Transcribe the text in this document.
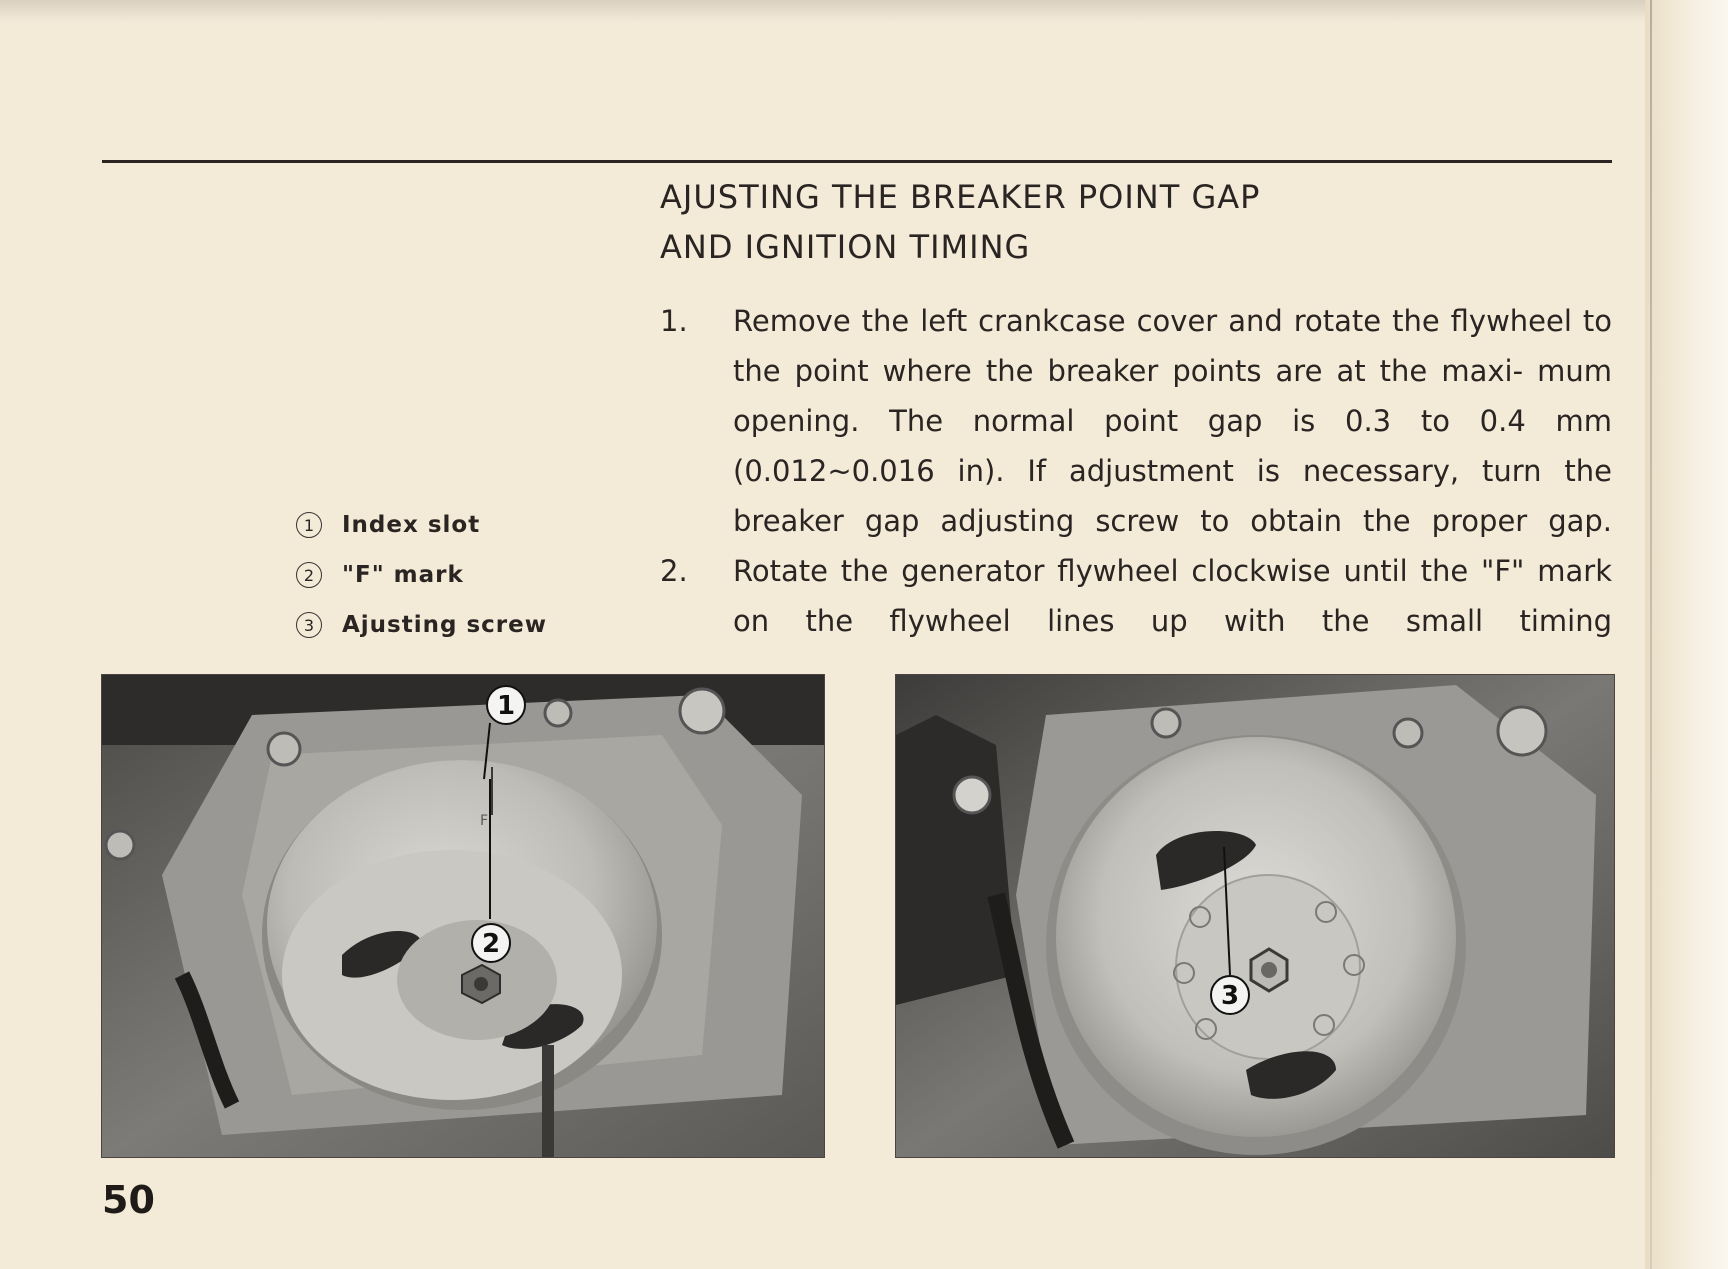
AJUSTING THE BREAKER POINT GAP
AND IGNITION TIMING
1.	Remove the left crankcase cover and rotate the flywheel to the point where the breaker points are at the maxi- mum opening. The normal point gap is 0.3 to 0.4 mm (0.012~0.016 in). If adjustment is necessary, turn the breaker gap adjusting screw to obtain the proper gap.

2.	Rotate the generator flywheel clockwise until the "F" mark on the flywheel lines up with the small timing

1	Index slot
2	"F" mark
3	Ajusting screw
F
1
2
3

50
